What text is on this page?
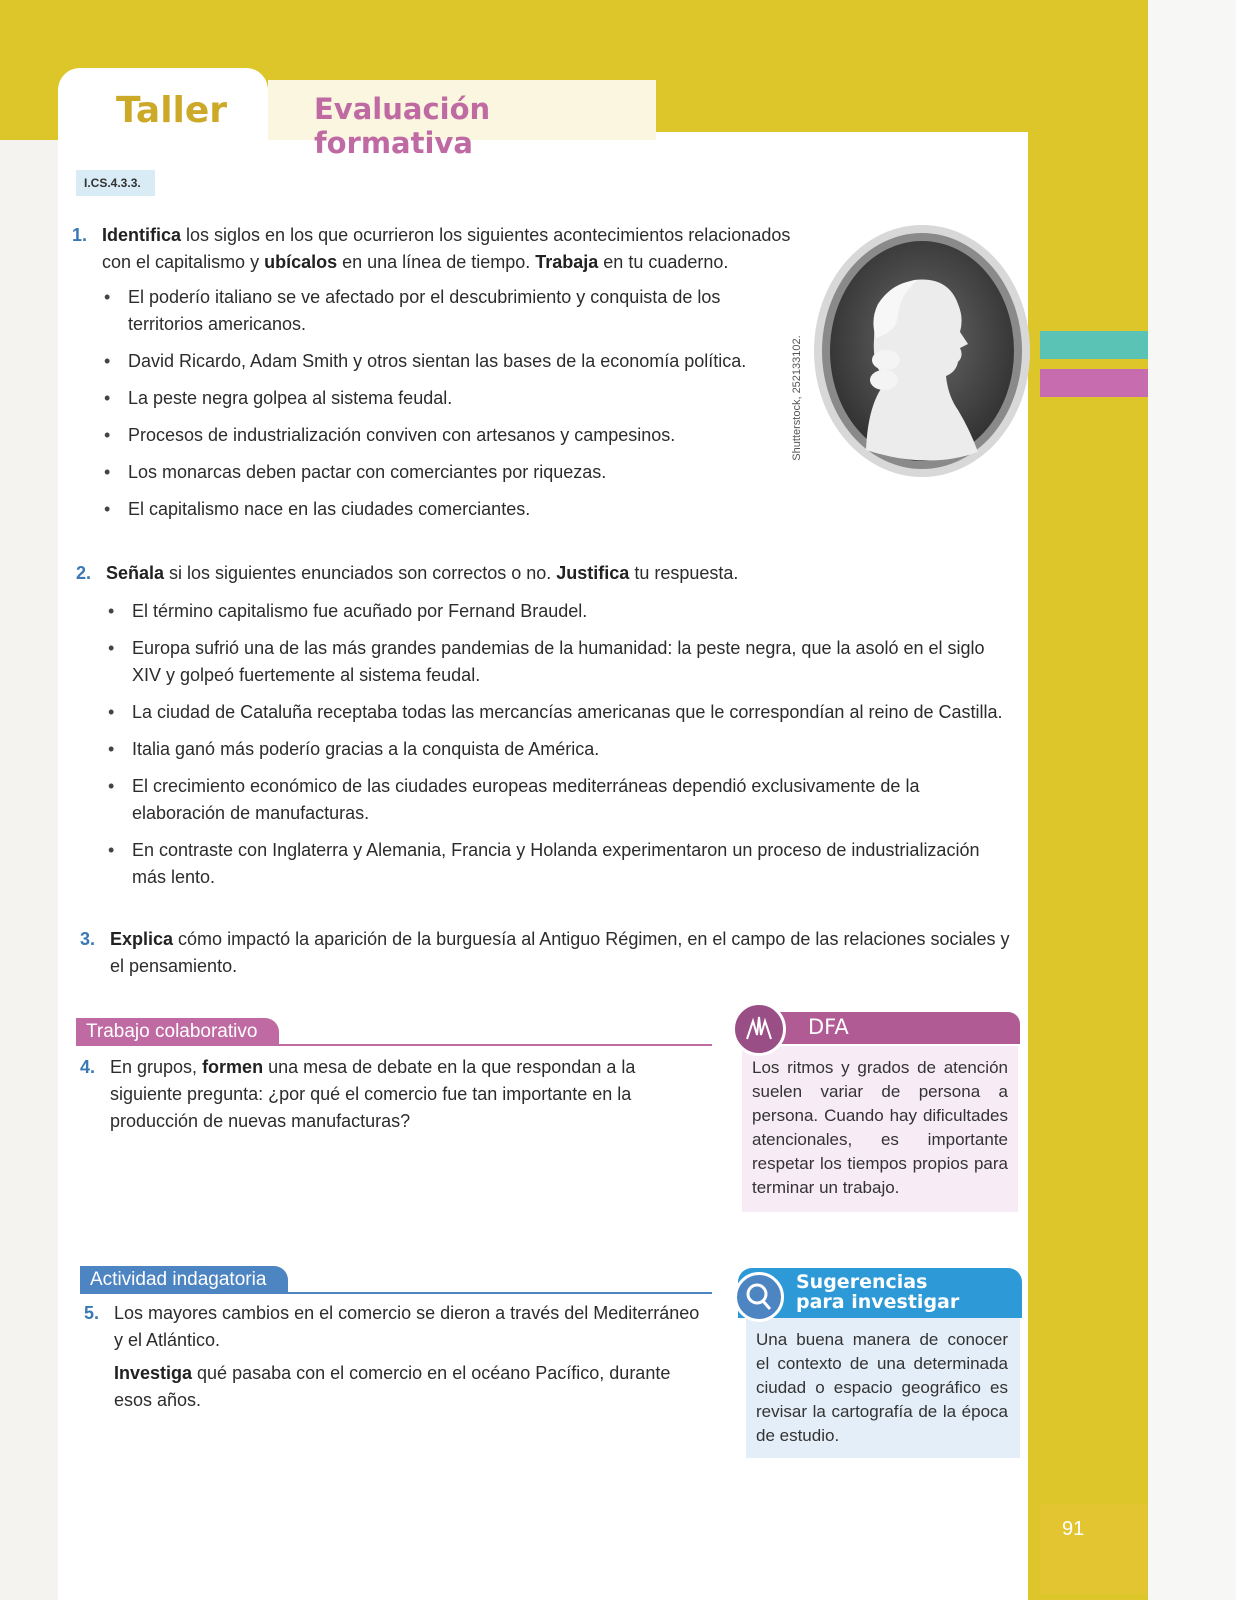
Taller	Evaluación formativa
I.CS.4.3.3.
1. Identifica los siglos en los que ocurrieron los siguientes acontecimientos relacionados con el capitalismo y ubícalos en una línea de tiempo. Trabaja en tu cuaderno.
• El poderío italiano se ve afectado por el descubrimiento y conquista de los territorios americanos.
• David Ricardo, Adam Smith y otros sientan las bases de la economía política.
• La peste negra golpea al sistema feudal.
• Procesos de industrialización conviven con artesanos y campesinos.
• Los monarcas deben pactar con comerciantes por riquezas.
• El capitalismo nace en las ciudades comerciantes.
Shutterstock, 252133102.
2. Señala si los siguientes enunciados son correctos o no. Justifica tu respuesta.
• El término capitalismo fue acuñado por Fernand Braudel.
• Europa sufrió una de las más grandes pandemias de la humanidad: la peste negra, que la asoló en el siglo XIV y golpeó fuertemente al sistema feudal.
• La ciudad de Cataluña receptaba todas las mercancías americanas que le correspondían al reino de Castilla.
• Italia ganó más poderío gracias a la conquista de América.
• El crecimiento económico de las ciudades europeas mediterráneas dependió exclusivamente de la elaboración de manufacturas.
• En contraste con Inglaterra y Alemania, Francia y Holanda experimentaron un proceso de industrialización más lento.
3. Explica cómo impactó la aparición de la burguesía al Antiguo Régimen, en el campo de las relaciones sociales y el pensamiento.
Trabajo colaborativo
4. En grupos, formen una mesa de debate en la que respondan a la siguiente pregunta: ¿por qué el comercio fue tan importante en la producción de nuevas manufacturas?
DFA
Los ritmos y grados de atención suelen variar de persona a persona. Cuando hay dificultades atencionales, es importante respetar los tiempos propios para terminar un trabajo.
Actividad indagatoria
5. Los mayores cambios en el comercio se dieron a través del Mediterráneo y el Atlántico.
Investiga qué pasaba con el comercio en el océano Pacífico, durante esos años.
Sugerencias
para investigar
Una buena manera de conocer el contexto de una determinada ciudad o espacio geográfico es revisar la cartografía de la época de estudio.
91
